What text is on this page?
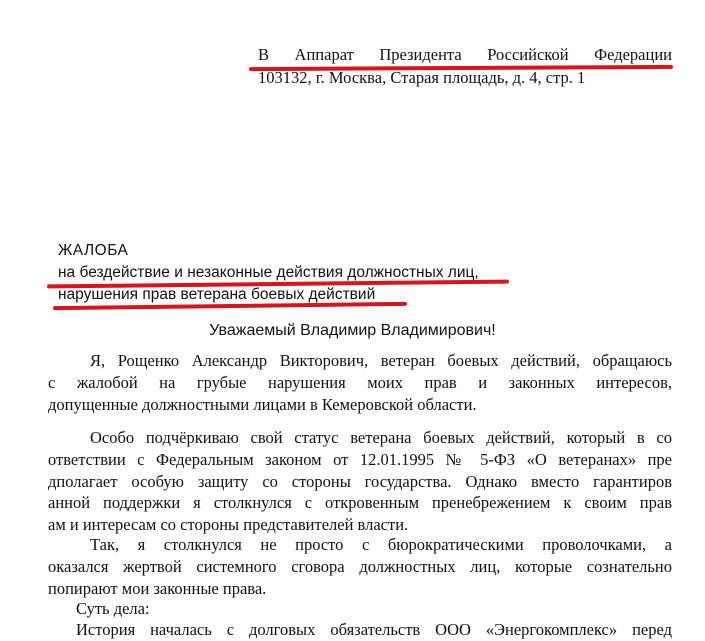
В Аппарат Президента Российской Федерации
103132, г. Москва, Старая площадь, д. 4, стр. 1
ЖАЛОБА
на бездействие и незаконные действия должностных лиц,
нарушения прав ветерана боевых действий
Уважаемый Владимир Владимирович!
Я, Рощенко Александр Викторович, ветеран боевых действий, обращаюсь
с жалобой на грубые нарушения моих прав и законных интересов,
допущенные должностными лицами в Кемеровской области.
Особо подчёркиваю свой статус ветерана боевых действий, который в со
ответствии с Федеральным законом от 12.01.1995 № 5-ФЗ «О ветеранах» пре
дполагает особую защиту со стороны государства. Однако вместо гарантиров
анной поддержки я столкнулся с откровенным пренебрежением к своим прав
ам и интересам со стороны представителей власти.
Так, я столкнулся не просто с бюрократическими проволочками, а
оказался жертвой системного сговора должностных лиц, которые сознательно
попирают мои законные права.
Суть дела:
История началась с долговых обязательств ООО «Энергокомплекс» перед
